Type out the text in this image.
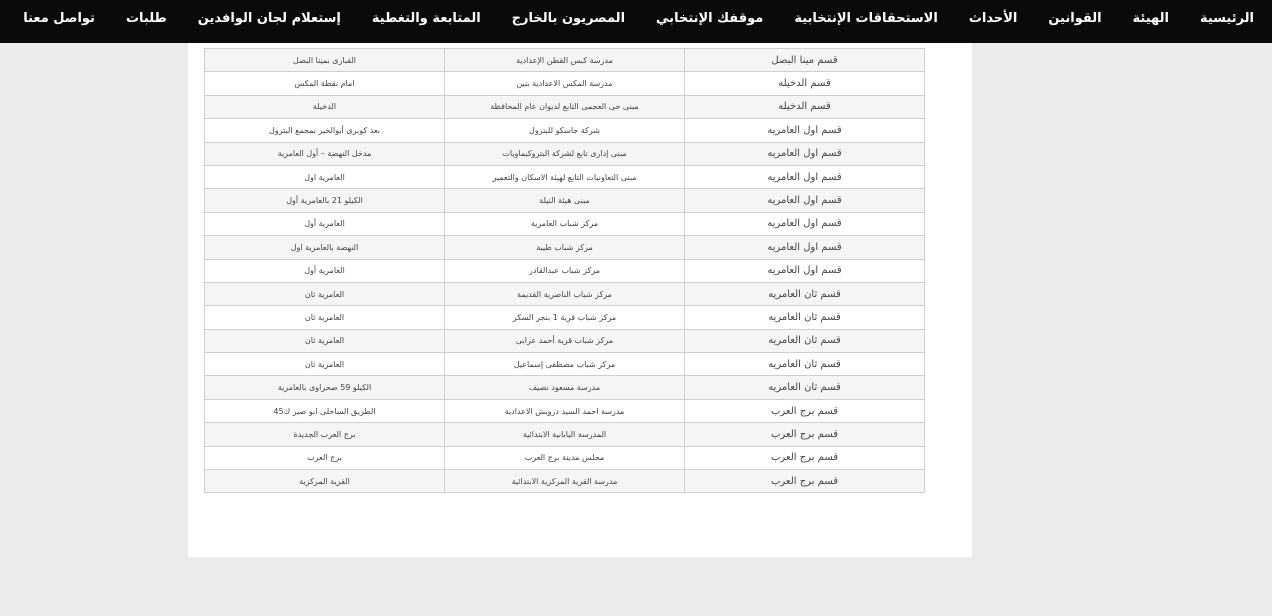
الرئيسية
الهيئة
القوانين
الأحداث
الاستحقاقات الإنتخابية
موقفك الإنتخابي
المصريون بالخارج
المتابعة والتغطية
إستعلام لجان الوافدين
طلبات
تواصل معنا
قسم مينا البصل	مدرسة كبس القطن الإعدادية	القبارى بمينا البصل
قسم الدخيله	مدرسة المكس الاعدادية بنين	امام نقطة المكس
قسم الدخيله	مبنى حى العجمى التابع لديوان عام المحافظة	الدخيلة
قسم اول العامريه	شركة جاسكو للبترول	بعد كوبرى أبوالخير بمجمع البترول
قسم اول العامريه	مبنى إدارى تابع لشركة البتروكيماويات	مدخل النهضة – أول العامرية
قسم اول العامريه	مبنى التعاونيات التابع لهيئة الاسكان والتعمير	العامرية اول
قسم اول العامريه	مبنى هيئة النيلة	الكيلو 21 بالعامرية أول
قسم اول العامريه	مركز شباب العامرية	العامرية أول
قسم اول العامريه	مركز شباب طيبة	النهضة بالعامرية اول
قسم اول العامريه	مركز شباب عبدالقادر	العامرية أول
قسم ثان العامريه	مركز شباب الناصرية القديمة	العامرية ثان
قسم ثان العامريه	مركز شباب قرية 1 بنجر السكر	العامرية ثان
قسم ثان العامريه	مركز شباب قرية أحمد عرابى	العامرية ثان
قسم ثان العامريه	مركز شباب مصطفى إسماعيل	العامرية ثان
قسم ثان العامريه	مدرسة مسعود نصيف	الكيلو 59 صحراوى بالعامرية
قسم برج العرب	مدرسة احمد السيد درويش الاعدادية	الطريق الساحلى ابو صير ك45
قسم برج العرب	المدرسة اليابانية الابتدائية	برج العرب الجديدة
قسم برج العرب	مجلس مدينة برج العرب	برج العرب
قسم برج العرب	مدرسة القرية المركزية الابتدائية	القرية المركزية
